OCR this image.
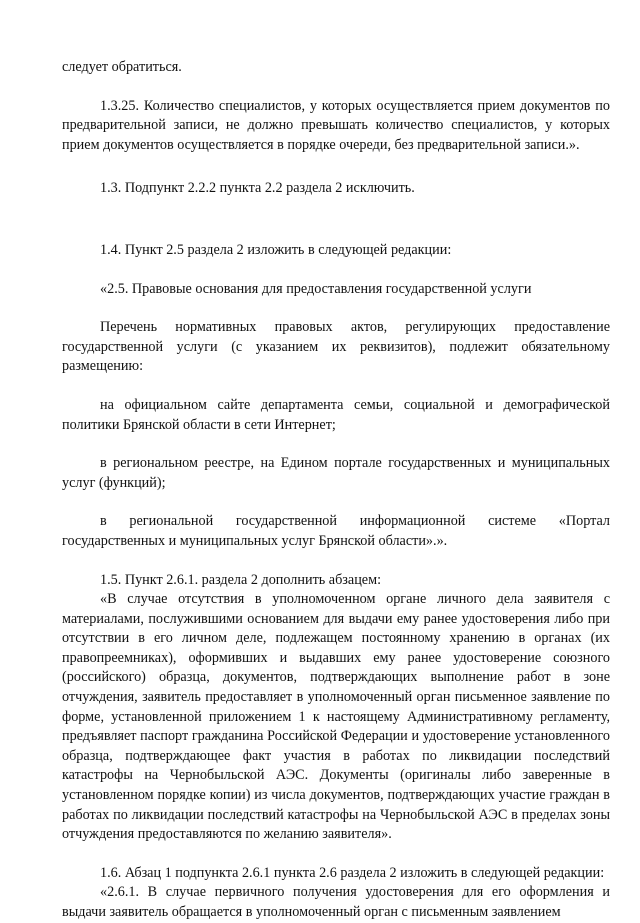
следует обратиться.

1.3.25. Количество специалистов, у которых осуществляется прием документов по предварительной записи, не должно превышать количество специалистов, у которых прием документов осуществляется в порядке очереди, без предварительной записи.».

1.3. Подпункт 2.2.2 пункта 2.2 раздела 2 исключить.

1.4. Пункт 2.5 раздела 2 изложить в следующей редакции:

«2.5. Правовые основания для предоставления государственной услуги

Перечень нормативных правовых актов, регулирующих предоставление государственной услуги (с указанием их реквизитов), подлежит обязательному размещению:

на официальном сайте департамента семьи, социальной и демографической политики Брянской области в сети Интернет;

в региональном реестре, на Едином портале государственных и муниципальных услуг (функций);

в региональной государственной информационной системе «Портал государственных и муниципальных услуг Брянской области».».

1.5. Пункт 2.6.1. раздела 2 дополнить абзацем:

«В случае отсутствия в уполномоченном органе личного дела заявителя с материалами, послужившими основанием для выдачи ему ранее удостоверения либо при отсутствии в его личном деле, подлежащем постоянному хранению в органах (их правопреемниках), оформивших и выдавших ему ранее удостоверение союзного (российского) образца, документов, подтверждающих выполнение работ в зоне отчуждения, заявитель предоставляет в уполномоченный орган письменное заявление по форме, установленной приложением 1 к настоящему Административному регламенту, предъявляет паспорт гражданина Российской Федерации и удостоверение установленного образца, подтверждающее факт участия в работах по ликвидации последствий катастрофы на Чернобыльской АЭС. Документы (оригиналы либо заверенные в установленном порядке копии) из числа документов, подтверждающих участие граждан в работах по ликвидации последствий катастрофы на Чернобыльской АЭС в пределах зоны отчуждения предоставляются по желанию заявителя».

1.6. Абзац 1 подпункта 2.6.1 пункта 2.6 раздела 2 изложить в следующей редакции:

«2.6.1. В случае первичного получения удостоверения для его оформления и выдачи заявитель обращается в уполномоченный орган с письменным заявлением
